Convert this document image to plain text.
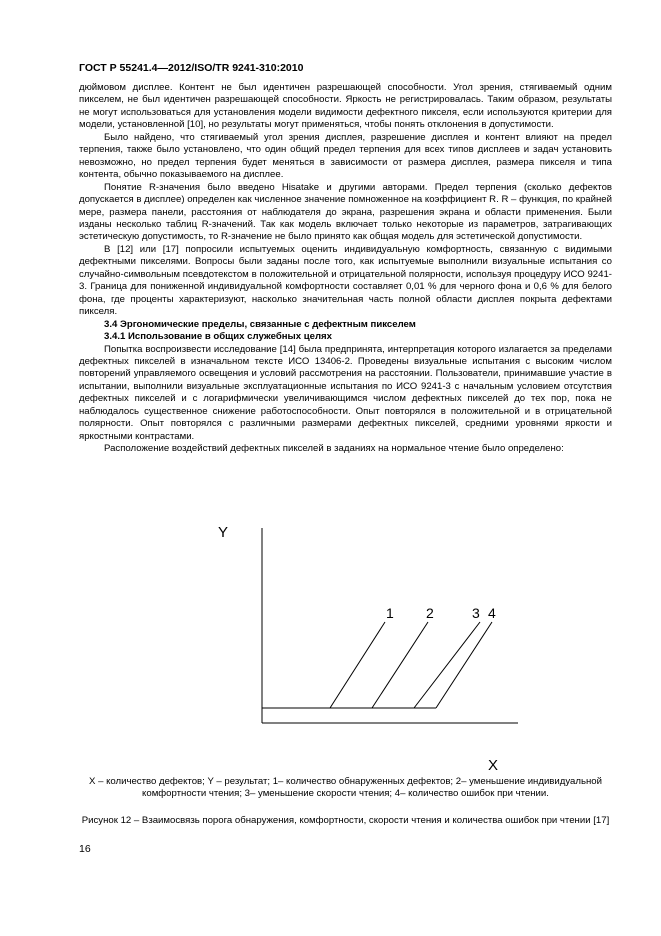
ГОСТ Р 55241.4—2012/ISO/TR 9241-310:2010

дюймовом дисплее. Контент не был идентичен разрешающей способности. Угол зрения, стягиваемый одним пикселем, не был идентичен разрешающей способности. Яркость не регистрировалась. Таким образом, результаты не могут использоваться для установления модели видимости дефектного пикселя, если используются критерии для модели, установленной [10], но результаты могут применяться, чтобы понять отклонения в допустимости.

Было найдено, что стягиваемый угол зрения дисплея, разрешение дисплея и контент влияют на предел терпения, также было установлено, что один общий предел терпения для всех типов дисплеев и задач установить невозможно, но предел терпения будет меняться в зависимости от размера дисплея, размера пикселя и типа контента, обычно показываемого на дисплее.

Понятие R-значения было введено Hisatake и другими авторами. Предел терпения (сколько дефектов допускается в дисплее) определен как численное значение помноженное на коэффициент R. R – функция, по крайней мере, размера панели, расстояния от наблюдателя до экрана, разрешения экрана и области применения. Были изданы несколько таблиц R-значений. Так как модель включает только некоторые из параметров, затрагивающих эстетическую допустимость, то R-значение не было принято как общая модель для эстетической допустимости.

В [12] или [17] попросили испытуемых оценить индивидуальную комфортность, связанную с видимыми дефектными пикселями. Вопросы были заданы после того, как испытуемые выполнили визуальные испытания со случайно-символьным псевдотекстом в положительной и отрицательной полярности, используя процедуру ИСО 9241-3. Граница для пониженной индивидуальной комфортности составляет 0,01 % для черного фона и 0,6 % для белого фона, где проценты характеризуют, насколько значительная часть полной области дисплея покрыта дефектами пикселя.

3.4 Эргономические пределы, связанные с дефектным пикселем
3.4.1 Использование в общих служебных целях

Попытка воспроизвести исследование [14] была предпринята, интерпретация которого излагается за пределами дефектных пикселей в изначальном тексте ИСО 13406-2. Проведены визуальные испытания с высоким числом повторений управляемого освещения и условий рассмотрения на расстоянии. Пользователи, принимавшие участие в испытании, выполнили визуальные эксплуатационные испытания по ИСО 9241-3 с начальным условием отсутствия дефектных пикселей и с логарифмически увеличивающимся числом дефектных пикселей до тех пор, пока не наблюдалось существенное снижение работоспособности. Опыт повторялся в положительной и в отрицательной полярности. Опыт повторялся с различными размерами дефектных пикселей, средними уровнями яркости и яркостными контрастами.

Расположение воздействий дефектных пикселей в заданиях на нормальное чтение было определено:

Y
1 2	3 4
X
X – количество дефектов; Y – результат; 1– количество обнаруженных дефектов; 2– уменьшение индивидуальной комфортности чтения; 3– уменьшение скорости чтения; 4– количество ошибок при чтении.
Рисунок 12 – Взаимосвязь порога обнаружения, комфортности, скорости чтения и количества ошибок при чтении [17]
16
